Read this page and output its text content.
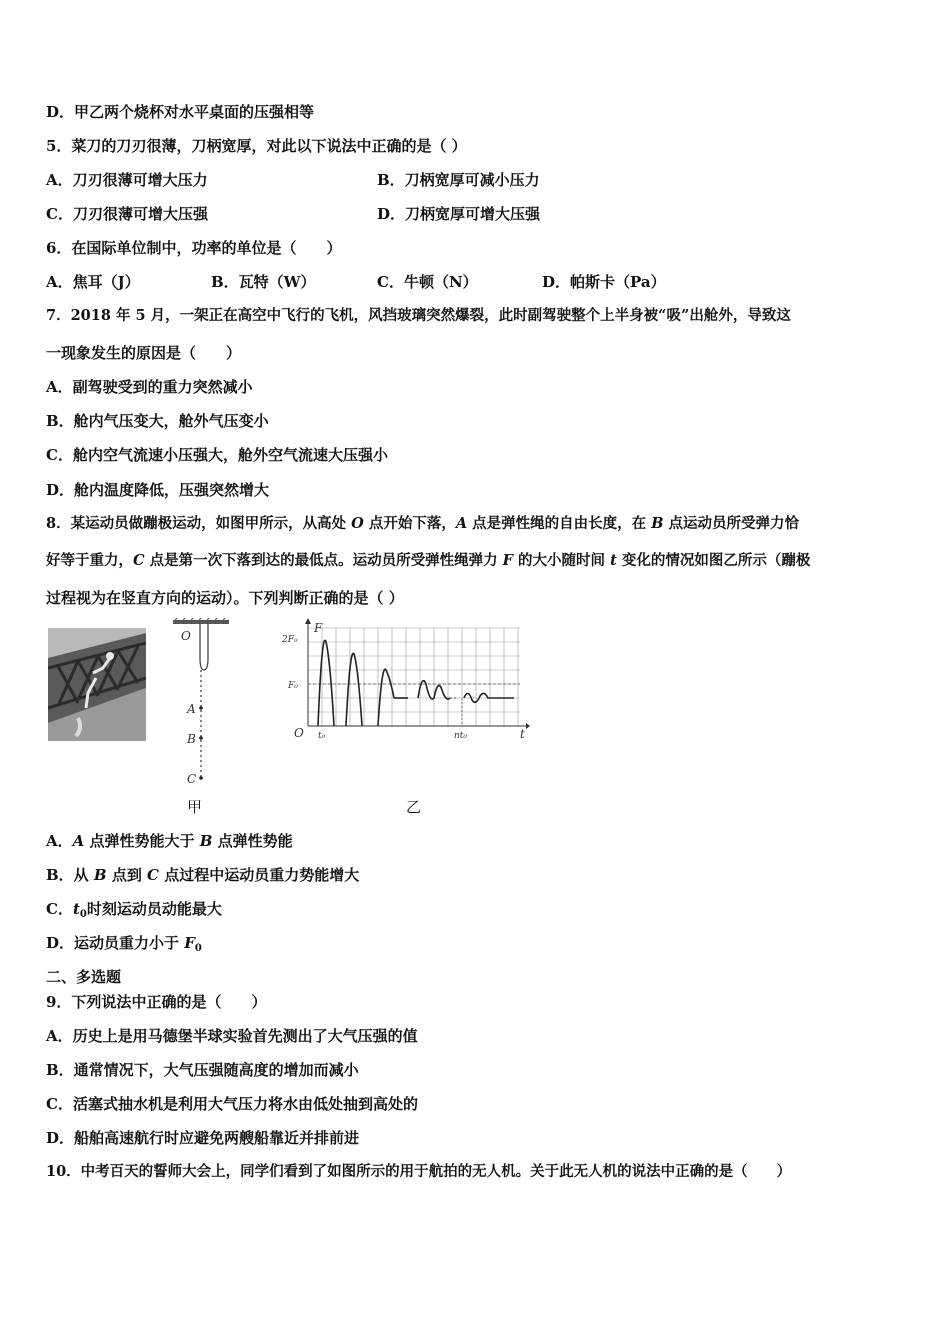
D．甲乙两个烧杯对水平桌面的压强相等
5．菜刀的刀刃很薄，刀柄宽厚，对此以下说法中正确的是（ ）
A．刀刃很薄可增大压力	B．刀柄宽厚可减小压力
C．刀刃很薄可增大压强	D．刀柄宽厚可增大压强
6．在国际单位制中，功率的单位是（　　）
A．焦耳（J）	B．瓦特（W）	C．牛顿（N）	D．帕斯卡（Pa）
7．2018 年 5 月，一架正在高空中飞行的飞机，风挡玻璃突然爆裂，此时副驾驶整个上半身被“吸”出舱外，导致这
一现象发生的原因是（　　）
A．副驾驶受到的重力突然减小
B．舱内气压变大，舱外气压变小
C．舱内空气流速小压强大，舱外空气流速大压强小
D．舱内温度降低，压强突然增大
8．某运动员做蹦极运动，如图甲所示，从高处 O 点开始下落，A 点是弹性绳的自由长度，在 B 点运动员所受弹力恰
好等于重力，C 点是第一次下落到达的最低点。运动员所受弹性绳弹力 F 的大小随时间 t 变化的情况如图乙所示（蹦极
过程视为在竖直方向的运动）。下列判断正确的是（ ）
O
A
B
C
F
2F₀
F₀
O t₀	nt₀	t
甲	乙
A．A 点弹性势能大于 B 点弹性势能
B．从 B 点到 C 点过程中运动员重力势能增大
C．$t_0$时刻运动员动能最大
D．运动员重力小于 $F_0$
二、多选题
9．下列说法中正确的是（　　）
A．历史上是用马德堡半球实验首先测出了大气压强的值
B．通常情况下，大气压强随高度的增加而减小
C．活塞式抽水机是利用大气压力将水由低处抽到高处的
D．船舶高速航行时应避免两艘船靠近并排前进
10．中考百天的誓师大会上，同学们看到了如图所示的用于航拍的无人机。关于此无人机的说法中正确的是（　　）
